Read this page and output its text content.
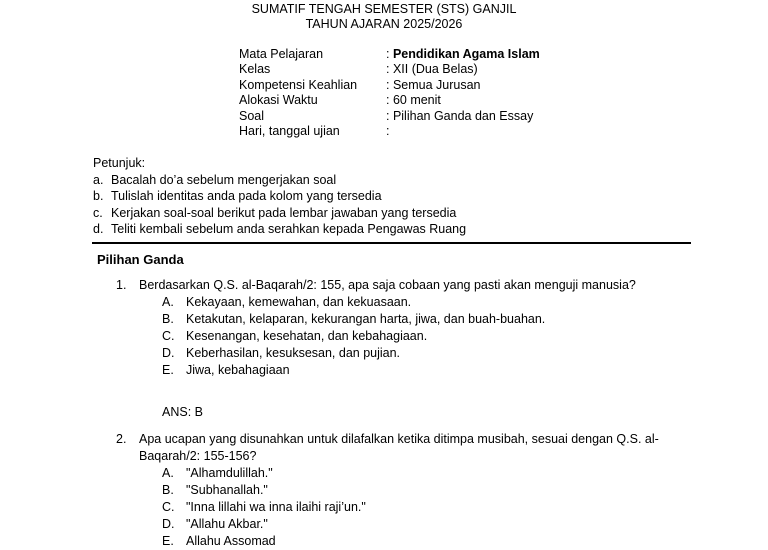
SUMATIF TENGAH SEMESTER (STS) GANJIL
TAHUN AJARAN 2025/2026
Mata Pelajaran	: Pendidikan Agama Islam
Kelas	: XII (Dua Belas)
Kompetensi Keahlian	: Semua Jurusan
Alokasi Waktu	: 60 menit
Soal	: Pilihan Ganda dan Essay
Hari, tanggal ujian	:
Petunjuk:
a. Bacalah do’a sebelum mengerjakan soal
b. Tulislah identitas anda pada kolom yang tersedia
c. Kerjakan soal-soal berikut pada lembar jawaban yang tersedia
d. Teliti kembali sebelum anda serahkan kepada Pengawas Ruang
Pilihan Ganda
1.	Berdasarkan Q.S. al-Baqarah/2: 155, apa saja cobaan yang pasti akan menguji manusia?
A. Kekayaan, kemewahan, dan kekuasaan.
B. Ketakutan, kelaparan, kekurangan harta, jiwa, dan buah-buahan.
C. Kesenangan, kesehatan, dan kebahagiaan.
D. Keberhasilan, kesuksesan, dan pujian.
E. Jiwa, kebahagiaan
ANS: B
2.	Apa ucapan yang disunahkan untuk dilafalkan ketika ditimpa musibah, sesuai dengan Q.S. al-Baqarah/2: 155-156?
A. "Alhamdulillah."
B. "Subhanallah."
C. "Inna lillahi wa inna ilaihi raji’un."
D. "Allahu Akbar."
E. Allahu Assomad
